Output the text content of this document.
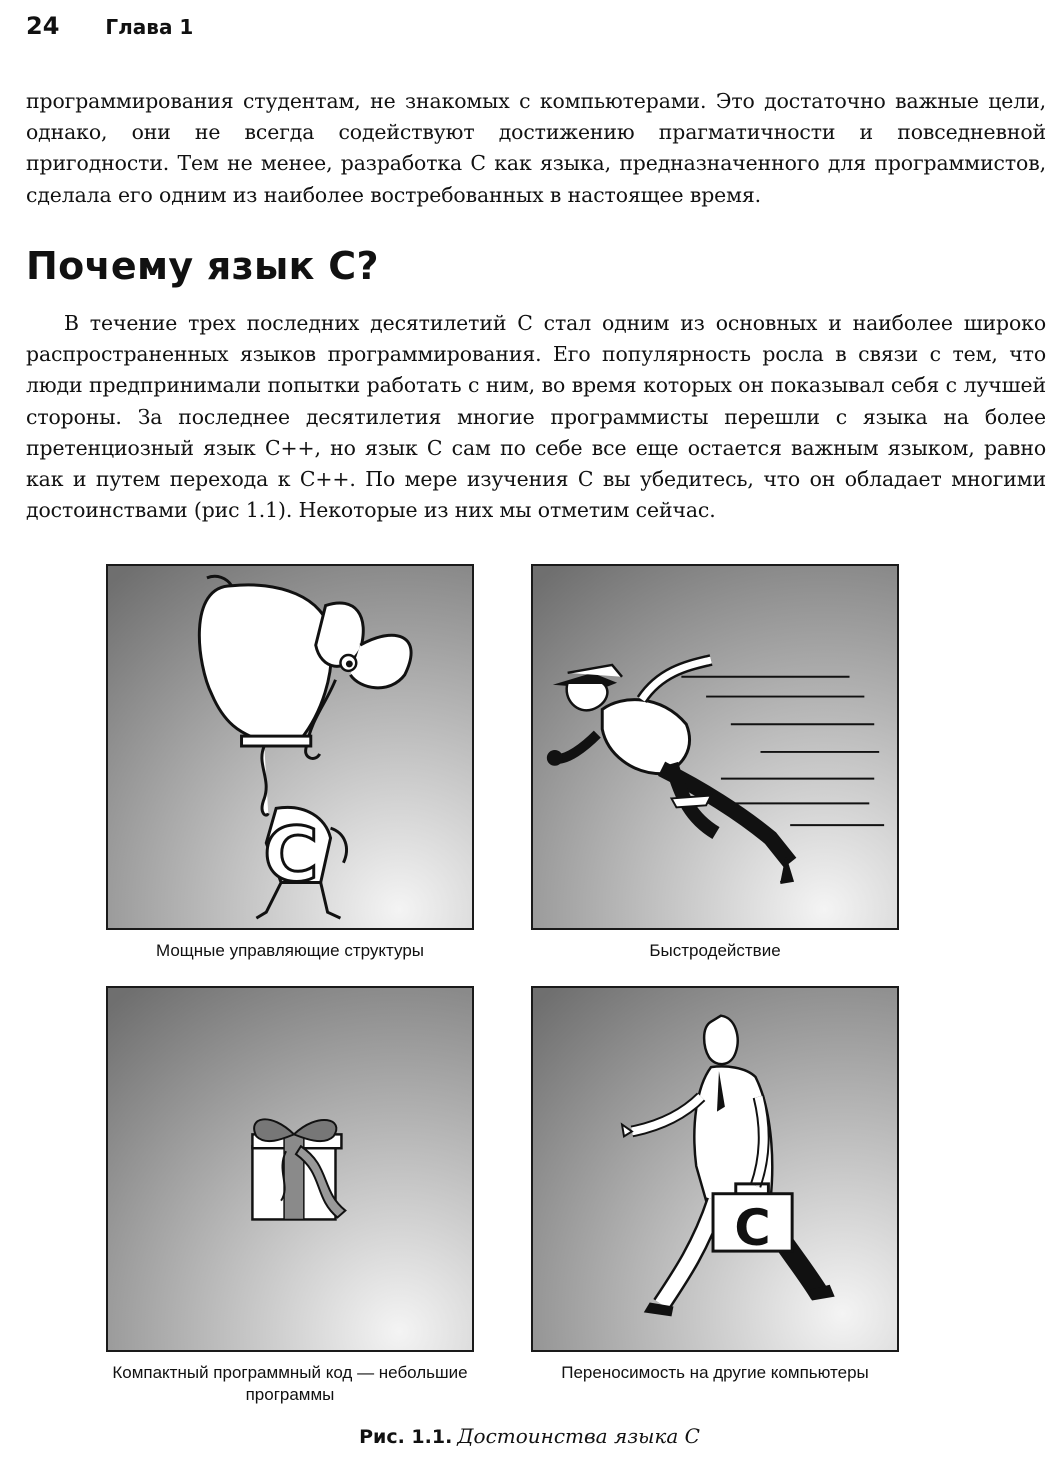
24 Глава 1

программирования студентам, не знакомых с компьютерами. Это достаточно важные цели, однако, они не всегда содействуют достижению прагматичности и повседневной пригодности. Тем не менее, разработка С как языка, предназначенного для программистов, сделала его одним из наиболее востребованных в настоящее время.

Почему язык С?

В течение трех последних десятилетий С стал одним из основных и наиболее широко распространенных языков программирования. Его популярность росла в связи с тем, что люди предпринимали попытки работать с ним, во время которых он показывал себя с лучшей стороны. За последнее десятилетия многие программисты перешли с языка на более претенциозный язык С++, но язык С сам по себе все еще остается важным языком, равно как и путем перехода к С++. По мере изучения С вы убедитесь, что он обладает многими достоинствами (рис 1.1). Некоторые из них мы отметим сейчас.

C

Мощные управляющие структуры	Быстродействие

Компактный программный код — небольшие программы

C

Переносимость на другие компьютеры

Рис. 1.1. Достоинства языка С
